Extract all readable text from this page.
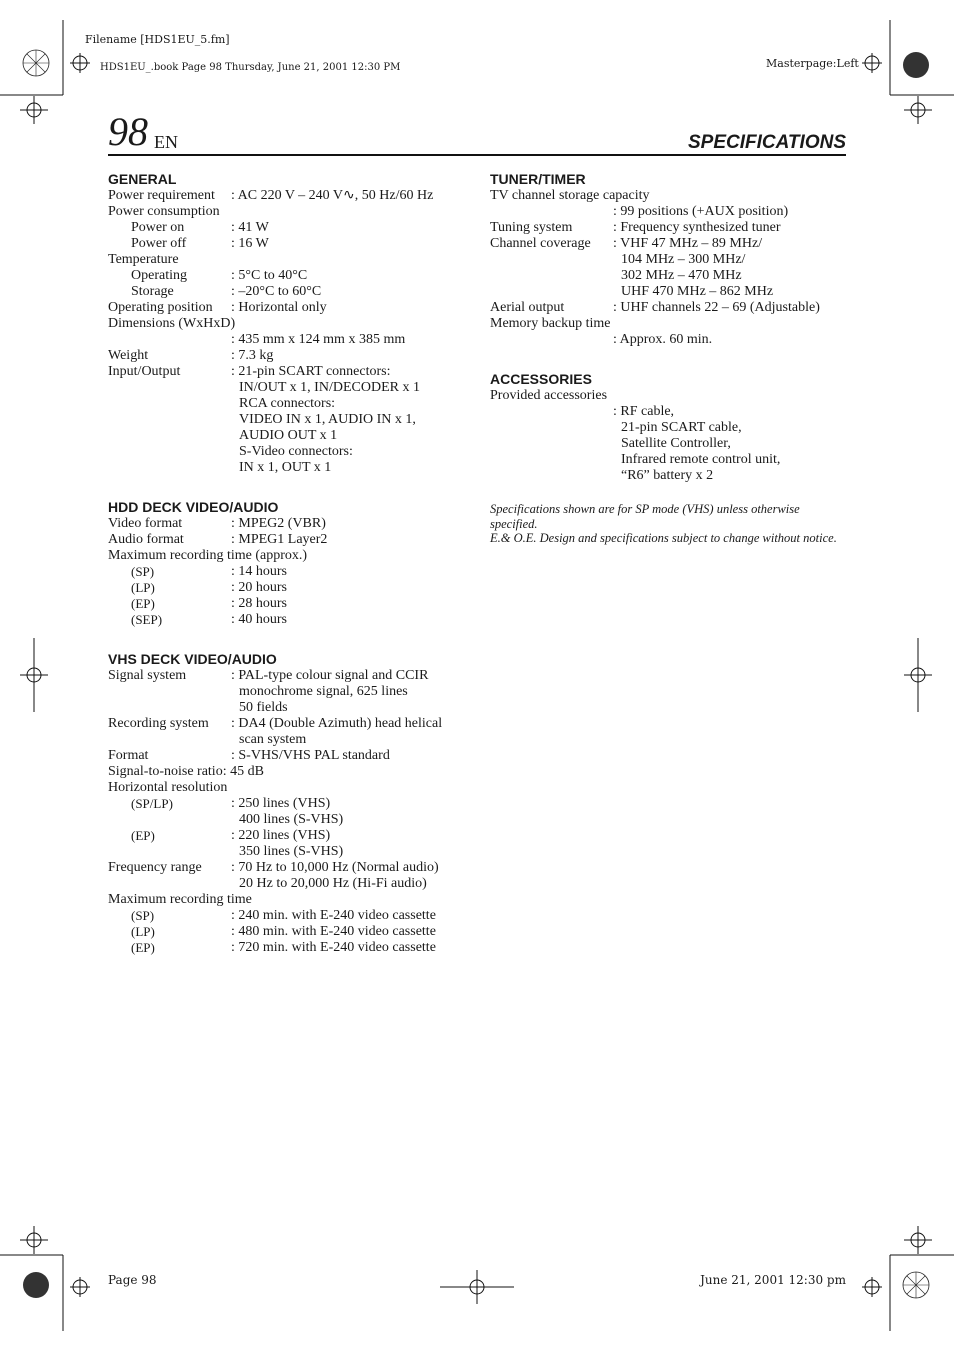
Filename [HDS1EU_5.fm]
HDS1EU_.book Page 98 Thursday, June 21, 2001 12:30 PM	Masterpage:Left
98 EN	SPECIFICATIONS
GENERAL
Power requirement : AC 220 V – 240 V∿, 50 Hz/60 Hz
Power consumption
Power on	: 41 W
Power off	: 16 W
Temperature
Operating	: 5°C to 40°C
Storage	: –20°C to 60°C
Operating position : Horizontal only
Dimensions (WxHxD)
: 435 mm x 124 mm x 385 mm
Weight	: 7.3 kg
Input/Output	: 21-pin SCART connectors:
IN/OUT x 1, IN/DECODER x 1
RCA connectors:
VIDEO IN x 1, AUDIO IN x 1,
AUDIO OUT x 1
S-Video connectors:
IN x 1, OUT x 1
HDD DECK VIDEO/AUDIO
Video format	: MPEG2 (VBR)
Audio format	: MPEG1 Layer2
Maximum recording time (approx.)
(SP)	: 14 hours
(LP)	: 20 hours
(EP)	: 28 hours
(SEP)	: 40 hours
VHS DECK VIDEO/AUDIO
Signal system	: PAL-type colour signal and CCIR
monochrome signal, 625 lines
50 fields
Recording system : DA4 (Double Azimuth) head helical
scan system
Format	: S-VHS/VHS PAL standard
Signal-to-noise ratio: 45 dB
Horizontal resolution
(SP/LP)	: 250 lines (VHS)
400 lines (S-VHS)
(EP)	: 220 lines (VHS)
350 lines (S-VHS)
Frequency range : 70 Hz to 10,000 Hz (Normal audio)
20 Hz to 20,000 Hz (Hi-Fi audio)
Maximum recording time
(SP)	: 240 min. with E-240 video cassette
(LP)	: 480 min. with E-240 video cassette
(EP)	: 720 min. with E-240 video cassette
TUNER/TIMER
TV channel storage capacity
: 99 positions (+AUX position)
Tuning system	: Frequency synthesized tuner
Channel coverage : VHF 47 MHz – 89 MHz/
104 MHz – 300 MHz/
302 MHz – 470 MHz
UHF 470 MHz – 862 MHz
Aerial output	: UHF channels 22 – 69 (Adjustable)
Memory backup time
: Approx. 60 min.
ACCESSORIES
Provided accessories
: RF cable,
21-pin SCART cable,
Satellite Controller,
Infrared remote control unit,
“R6” battery x 2
Specifications shown are for SP mode (VHS) unless otherwise specified.
E.& O.E. Design and specifications subject to change without notice.
Page 98	June 21, 2001 12:30 pm
